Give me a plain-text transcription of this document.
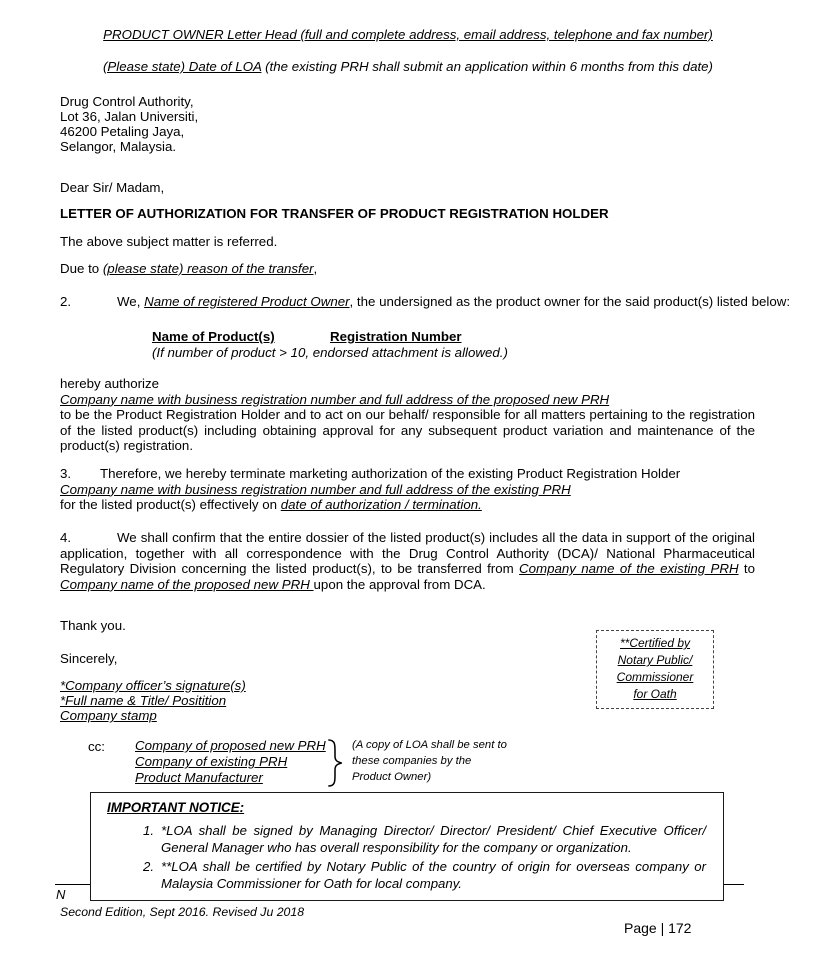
PRODUCT OWNER Letter Head (full and complete address, email address, telephone and fax number)
(Please state) Date of LOA (the existing PRH shall submit an application within 6 months from this date)
Drug Control Authority,
Lot 36, Jalan Universiti,
46200 Petaling Jaya,
Selangor, Malaysia.
Dear Sir/ Madam,
LETTER OF AUTHORIZATION FOR TRANSFER OF PRODUCT REGISTRATION HOLDER
The above subject matter is referred.
Due to (please state) reason of the transfer,
2.	We, Name of registered Product Owner, the undersigned as the product owner for the said product(s) listed below:
Name of Product(s)	Registration Number
(If number of product > 10, endorsed attachment is allowed.)
hereby authorize
Company name with business registration number and full address of the proposed new PRH
to be the Product Registration Holder and to act on our behalf/ responsible for all matters pertaining to the registration of the listed product(s) including obtaining approval for any subsequent product variation and maintenance of the product(s) registration.
3. Therefore, we hereby terminate marketing authorization of the existing Product Registration Holder
Company name with business registration number and full address of the existing PRH
for the listed product(s) effectively on date of authorization / termination.
4.	We shall confirm that the entire dossier of the listed product(s) includes all the data in support of the original application, together with all correspondence with the Drug Control Authority (DCA)/ National Pharmaceutical Regulatory Division concerning the listed product(s), to be transferred from Company name of the existing PRH to Company name of the proposed new PRH upon the approval from DCA.
Thank you.
Sincerely,
**Certified by
Notary Public/
Commissioner
for Oath
*Company officer’s signature(s)
*Full name & Title/ Positition
Company stamp
cc: Company of proposed new PRH
Company of existing PRH
Product Manufacturer
(A copy of LOA shall be sent to
these companies by the
Product Owner)
N
IMPORTANT NOTICE:
1. *LOA shall be signed by Managing Director/ Director/ President/ Chief Executive Officer/ General Manager who has overall responsibility for the company or organization.
2. **LOA shall be certified by Notary Public of the country of origin for overseas company or Malaysia Commissioner for Oath for local company.
Second Edition, Sept 2016. Revised Ju 2018
Page | 172
